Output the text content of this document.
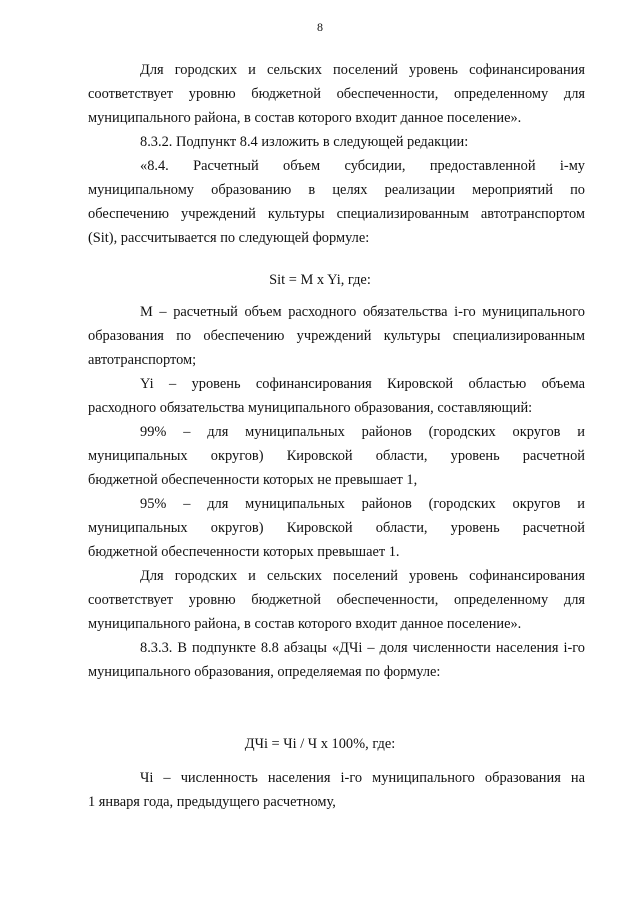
8
Для городских и сельских поселений уровень софинансирования
соответствует уровню бюджетной обеспеченности, определенному для
муниципального района, в состав которого входит данное поселение».
8.3.2. Подпункт 8.4 изложить в следующей редакции:
«8.4. Расчетный объем субсидии, предоставленной i-му
муниципальному образованию в целях реализации мероприятий по
обеспечению учреждений культуры специализированным автотранспортом
(Sit), рассчитывается по следующей формуле:
Sit = M x Yi, где:
M – расчетный объем расходного обязательства i-го муниципального
образования по обеспечению учреждений культуры специализированным
автотранспортом;
Yi – уровень софинансирования Кировской областью объема
расходного обязательства муниципального образования, составляющий:
99% – для муниципальных районов (городских округов и
муниципальных округов) Кировской области, уровень расчетной
бюджетной обеспеченности которых не превышает 1,
95% – для муниципальных районов (городских округов и
муниципальных округов) Кировской области, уровень расчетной
бюджетной обеспеченности которых превышает 1.
Для городских и сельских поселений уровень софинансирования
соответствует уровню бюджетной обеспеченности, определенному для
муниципального района, в состав которого входит данное поселение».
8.3.3. В подпункте 8.8 абзацы «ДЧi – доля численности населения i-го
муниципального образования, определяемая по формуле:
ДЧi = Чi / Ч х 100%, где:
Чi – численность населения i-го муниципального образования на
1 января года, предыдущего расчетному,
